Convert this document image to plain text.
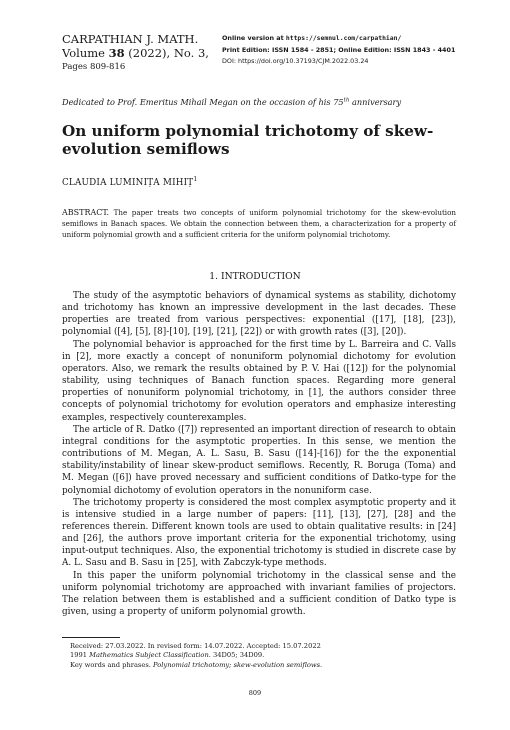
CARPATHIAN J. MATH.
Volume 38 (2022), No. 3,
Pages 809-816
Online version at https://semnul.com/carpathian/
Print Edition: ISSN 1584 - 2851; Online Edition: ISSN 1843 - 4401
DOI: https://doi.org/10.37193/CJM.2022.03.24
Dedicated to Prof. Emeritus Mihail Megan on the occasion of his 75th anniversary
On uniform polynomial trichotomy of skew-evolution semiflows
CLAUDIA LUMINIȚA MIHIȚ$^1$
ABSTRACT. The paper treats two concepts of uniform polynomial trichotomy for the skew-evolution semiflows in Banach spaces. We obtain the connection between them, a characterization for a property of uniform polynomial growth and a sufficient criteria for the uniform polynomial trichotomy.
1. INTRODUCTION

The study of the asymptotic behaviors of dynamical systems as stability, dichotomy and trichotomy has known an impressive development in the last decades. These properties are treated from various perspectives: exponential ([17], [18], [23]), polynomial ([4], [5], [8]-[10], [19], [21], [22]) or with growth rates ([3], [20]).

The polynomial behavior is approached for the first time by L. Barreira and C. Valls in [2], more exactly a concept of nonuniform polynomial dichotomy for evolution operators. Also, we remark the results obtained by P. V. Hai ([12]) for the polynomial stability, using techniques of Banach function spaces. Regarding more general properties of nonuniform polynomial trichotomy, in [1], the authors consider three concepts of polynomial trichotomy for evolution operators and emphasize interesting examples, respectively counterexamples.

The article of R. Datko ([7]) represented an important direction of research to obtain integral conditions for the asymptotic properties. In this sense, we mention the contributions of M. Megan, A. L. Sasu, B. Sasu ([14]-[16]) for the the exponential stability/instability of linear skew-product semiflows. Recently, R. Boruga (Toma) and M. Megan ([6]) have proved necessary and sufficient conditions of Datko-type for the polynomial dichotomy of evolution operators in the nonuniform case.

The trichotomy property is considered the most complex asymptotic property and it is intensive studied in a large number of papers: [11], [13], [27], [28] and the references therein. Different known tools are used to obtain qualitative results: in [24] and [26], the authors prove important criteria for the exponential trichotomy, using input-output techniques. Also, the exponential trichotomy is studied in discrete case by A. L. Sasu and B. Sasu in [25], with Zabczyk-type methods.

In this paper the uniform polynomial trichotomy in the classical sense and the uniform polynomial trichotomy are approached with invariant families of projectors. The relation between them is established and a sufficient condition of Datko type is given, using a property of uniform polynomial growth.

Received: 27.03.2022. In revised form: 14.07.2022. Accepted: 15.07.2022
1991 Mathematics Subject Classification. 34D05; 34D09.
Key words and phrases. Polynomial trichotomy; skew-evolution semiflows.
809
